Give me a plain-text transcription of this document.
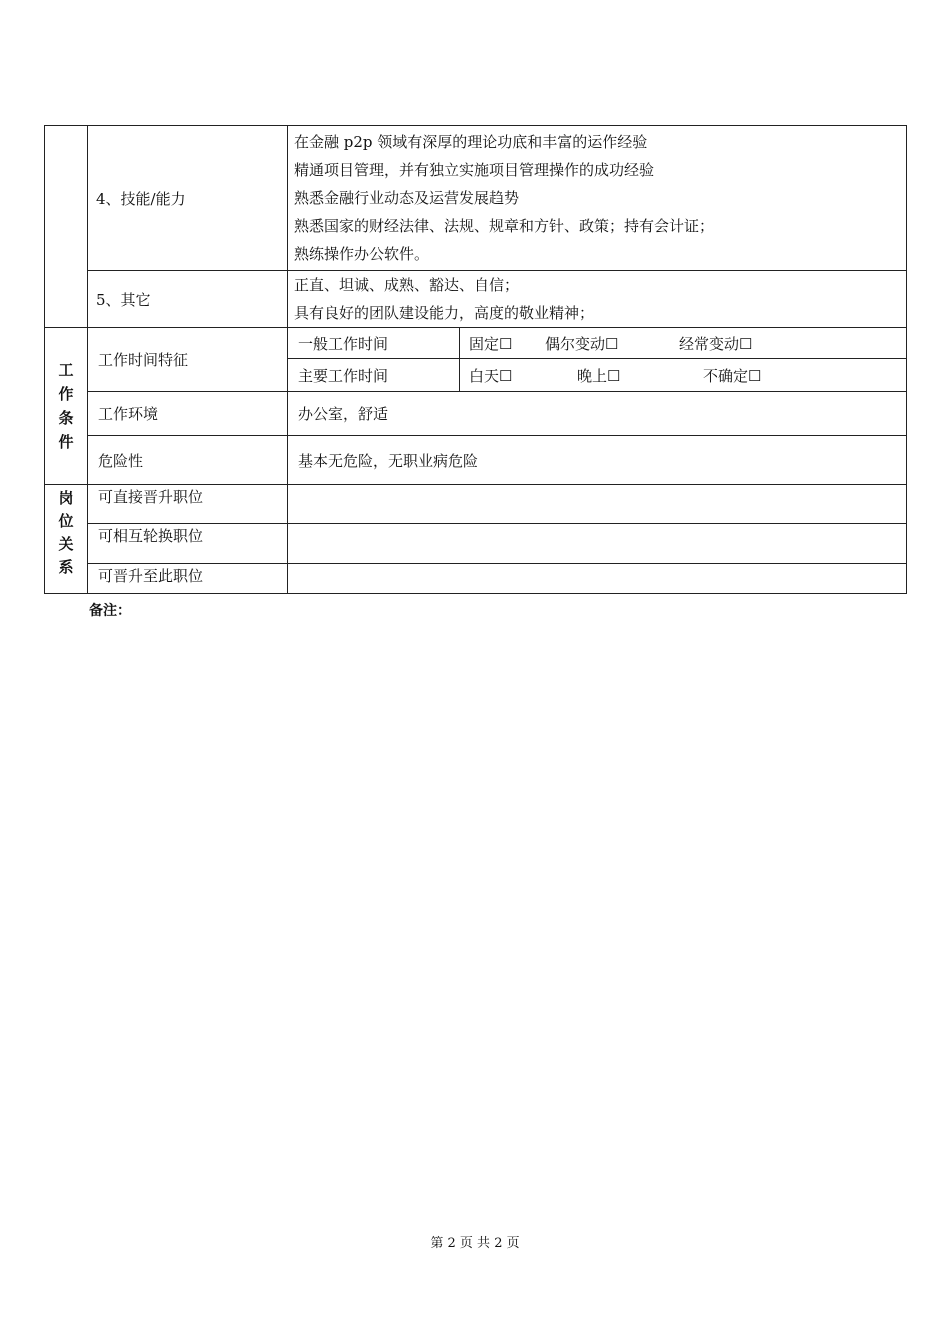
	4、技能/能力	在金融 p2p 领域有深厚的理论功底和丰富的运作经验
精通项目管理，并有独立实施项目管理操作的成功经验
熟悉金融行业动态及运营发展趋势
熟悉国家的财经法律、法规、规章和方针、政策；持有会计证；
熟练操作办公软件。	

	5、其它	正直、坦诚、成熟、豁达、自信；
具有良好的团队建设能力，高度的敬业精神；	

工
作
条
件	工作时间特征	一般工作时间	固定☐ 偶尔变动☐ 经常变动☐
		主要工作时间	白天☐ 晚上☐ 不确定☐
	工作环境	办公室，舒适	
	危险性	基本无危险，无职业病危险	

岗
位
关
系	可直接晋升职位		
	可相互轮换职位		
	可晋升至此职位		
备注：
第 2 页 共 2 页
